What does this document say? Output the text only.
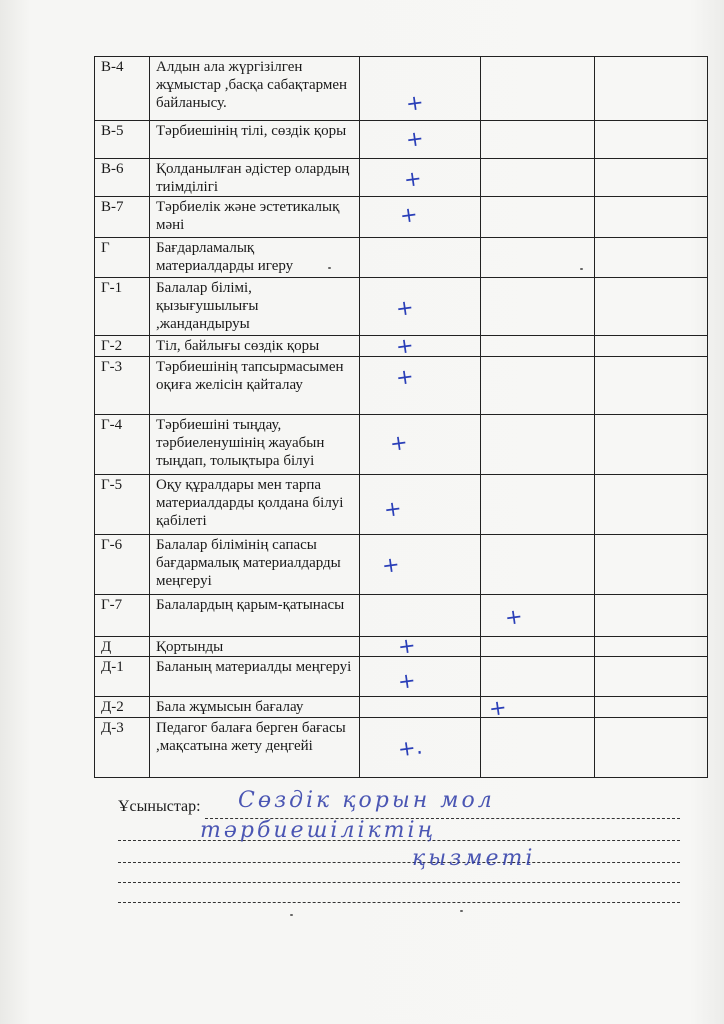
В-4	Алдын ала жүргізілген жұмыстар ,басқа сабақтармен байланысу.	+		

В-5	Тәрбиешінің тілі, сөздік қоры	+		

В-6	Қолданылған әдістер олардың тиімділігі	+		

В-7	Тәрбиелік және эстетикалық мәні	+		

Г	Бағдарламалық материалдарды игеру			
Г-1	Балалар білімі, қызығушылығы ,жандандыруы	+		

Г-2	Тіл, байлығы сөздік қоры	+		

Г-3	Тәрбиешінің тапсырмасымен оқиға желісін қайталау	+		

Г-4	Тәрбиешіні тыңдау, тәрбиеленушінің жауабын тыңдап, толықтыра білуі	+		

Г-5	Оқу құралдары мен тарпа материалдарды қолдана білуі қабілеті	+		

Г-6	Балалар білімінің сапасы бағдармалық материалдарды меңгеруі	+		

Г-7	Балалардың қарым-қатынасы		+	

Д	Қортынды	+		

Д-1	Баланың материалды меңгеруі	+		

Д-2	Бала жұмысын бағалау		+	

Д-3	Педагог балаға берген бағасы ,мақсатына жету деңгейі	+.		

Ұсыныстар: Сөздік қорын мол
тәрбиешіліктің
қызметі
